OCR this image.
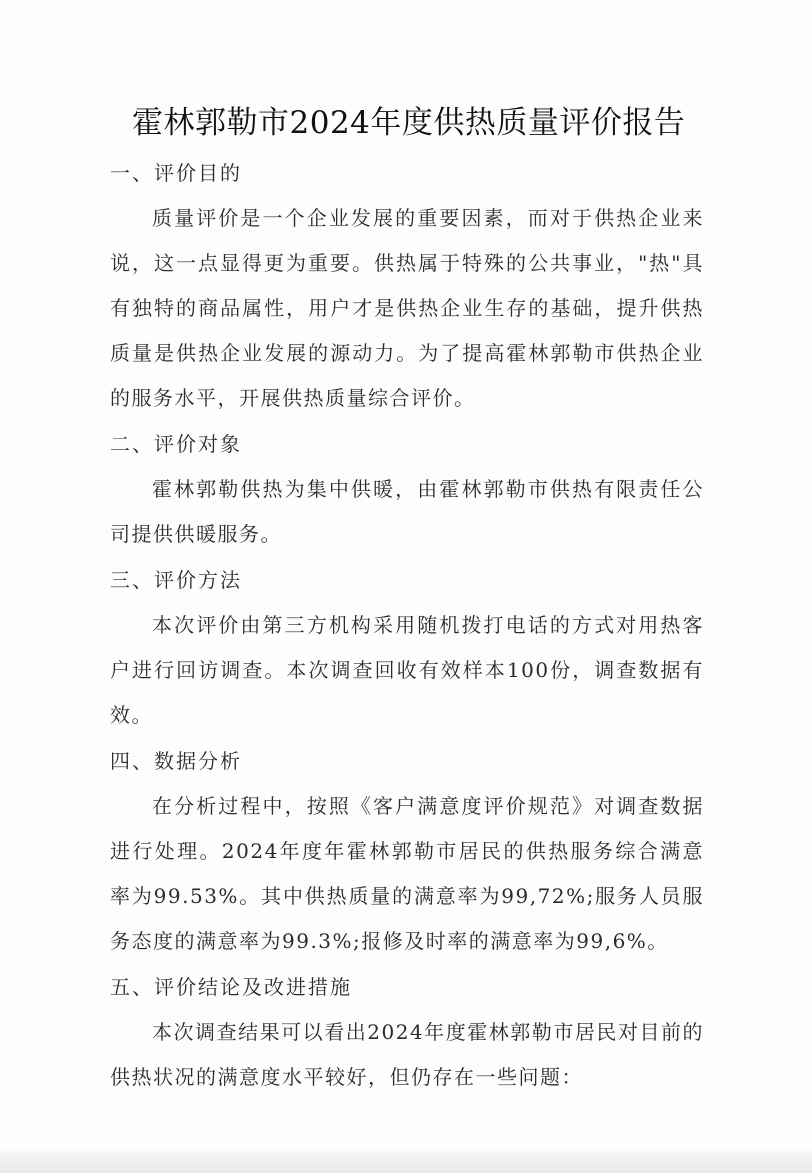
霍林郭勒市2024年度供热质量评价报告

一、评价目的

质量评价是一个企业发展的重要因素，而对于供热企业来说，这一点显得更为重要。供热属于特殊的公共事业，"热"具有独特的商品属性，用户才是供热企业生存的基础，提升供热质量是供热企业发展的源动力。为了提高霍林郭勒市供热企业的服务水平，开展供热质量综合评价。

二、评价对象

霍林郭勒供热为集中供暖，由霍林郭勒市供热有限责任公司提供供暖服务。

三、评价方法

本次评价由第三方机构采用随机拨打电话的方式对用热客户进行回访调查。本次调查回收有效样本100份，调查数据有效。

四、数据分析

在分析过程中，按照《客户满意度评价规范》对调查数据进行处理。2024年度年霍林郭勒市居民的供热服务综合满意率为99.53%。其中供热质量的满意率为99,72%;服务人员服务态度的满意率为99.3%;报修及时率的满意率为99,6%。

五、评价结论及改进措施

本次调查结果可以看出2024年度霍林郭勒市居民对目前的供热状况的满意度水平较好，但仍存在一些问题：
